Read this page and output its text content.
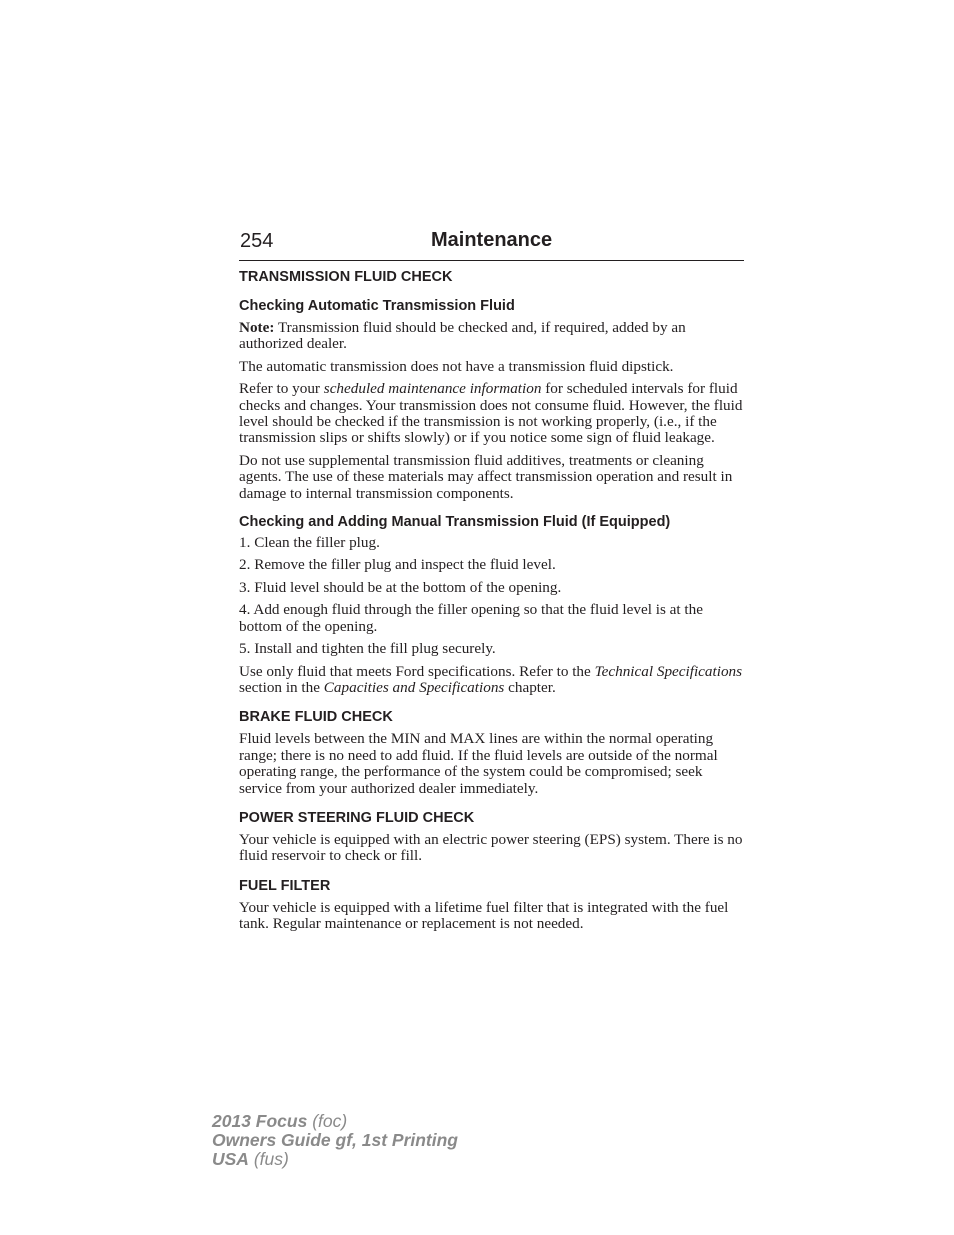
254	Maintenance
TRANSMISSION FLUID CHECK
Checking Automatic Transmission Fluid

Note: Transmission fluid should be checked and, if required, added by an authorized dealer.

The automatic transmission does not have a transmission fluid dipstick.

Refer to your scheduled maintenance information for scheduled intervals for fluid checks and changes. Your transmission does not consume fluid. However, the fluid level should be checked if the transmission is not working properly, (i.e., if the transmission slips or shifts slowly) or if you notice some sign of fluid leakage.

Do not use supplemental transmission fluid additives, treatments or cleaning agents. The use of these materials may affect transmission operation and result in damage to internal transmission components.

Checking and Adding Manual Transmission Fluid (If Equipped)

1. Clean the filler plug.

2. Remove the filler plug and inspect the fluid level.

3. Fluid level should be at the bottom of the opening.

4. Add enough fluid through the filler opening so that the fluid level is at the bottom of the opening.

5. Install and tighten the fill plug securely.

Use only fluid that meets Ford specifications. Refer to the Technical Specifications section in the Capacities and Specifications chapter.

BRAKE FLUID CHECK

Fluid levels between the MIN and MAX lines are within the normal operating range; there is no need to add fluid. If the fluid levels are outside of the normal operating range, the performance of the system could be compromised; seek service from your authorized dealer immediately.

POWER STEERING FLUID CHECK

Your vehicle is equipped with an electric power steering (EPS) system. There is no fluid reservoir to check or fill.

FUEL FILTER

Your vehicle is equipped with a lifetime fuel filter that is integrated with the fuel tank. Regular maintenance or replacement is not needed.

2013 Focus (foc)
Owners Guide gf, 1st Printing
USA (fus)
